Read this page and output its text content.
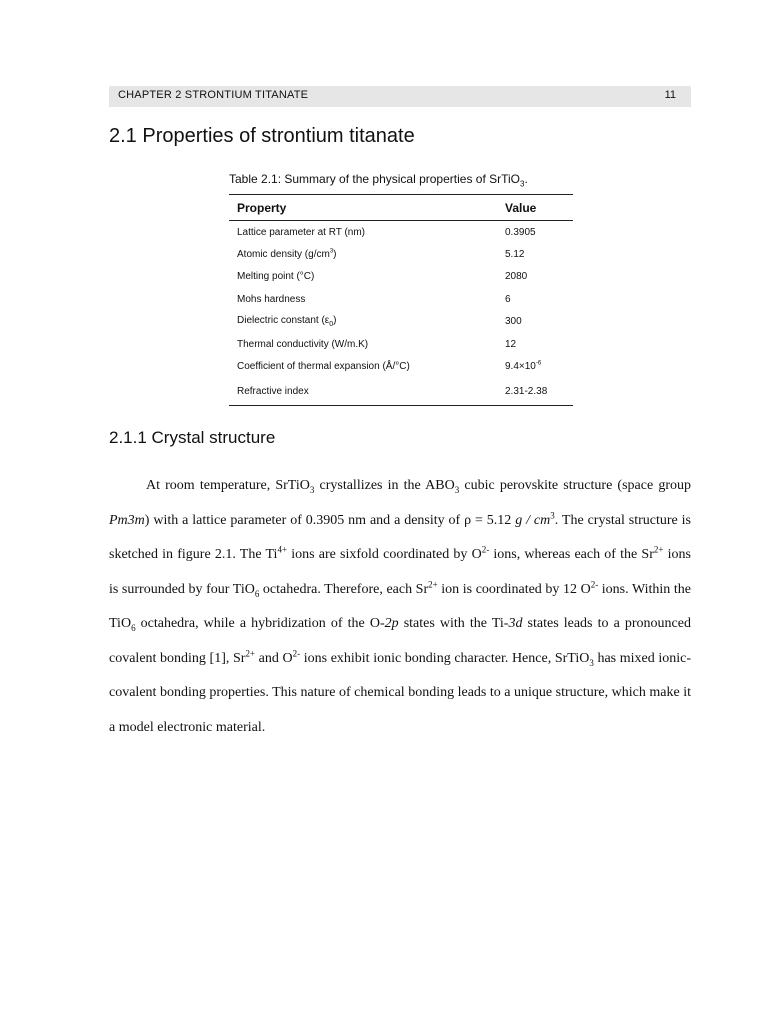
CHAPTER 2 STRONTIUM TITANATE	11
2.1 Properties of strontium titanate
Table 2.1: Summary of the physical properties of SrTiO$_3$.
Property	Value
Lattice parameter at RT (nm)	0.3905
Atomic density $(g/cm^3)$	5.12
Melting point (°C)	2080
Mohs hardness	6
Dielectric constant $(\varepsilon_0)$	300
Thermal conductivity (W/m.K)	12
Coefficient of thermal expansion (Å/°C)	$9.4\times 10^{-6}$
Refractive index	2.31-2.38
2.1.1 Crystal structure

At room temperature, SrTiO$_3$ crystallizes in the $ABO_3$ cubic perovskite structure (space group Pm3m) with a lattice parameter of 0.3905 nm and a density of ρ = 5.12 g / $cm^3$. The crystal structure is sketched in figure 2.1. The $Ti^{4+}$ ions are sixfold coordinated by $O^{2-}$ ions, whereas each of the $Sr^{2+}$ ions is surrounded by four TiO$_6$ octahedra. Therefore, each $Sr^{2+}$ ion is coordinated by 12 $O^{2-}$ ions. Within the TiO$_6$ octahedra, while a hybridization of the O-2p states with the Ti-3d states leads to a pronounced covalent bonding [1], $Sr^{2+}$ and $O^{2-}$ ions exhibit ionic bonding character. Hence, SrTiO$_3$ has mixed ionic-covalent bonding properties. This nature of chemical bonding leads to a unique structure, which make it a model electronic material.
